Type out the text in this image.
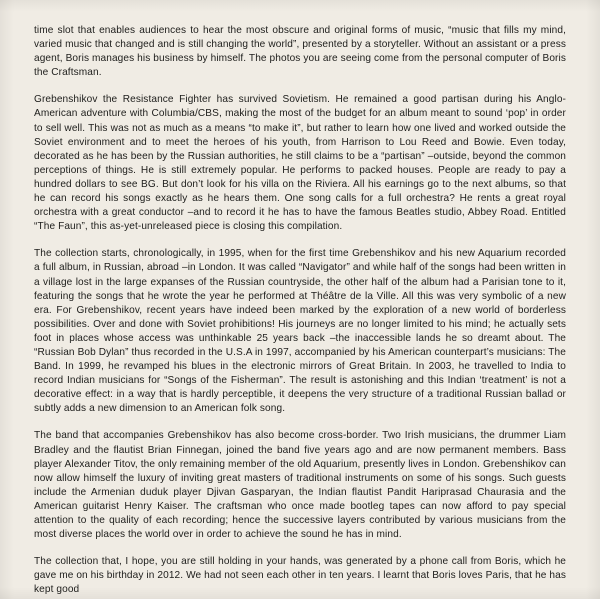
time slot that enables audiences to hear the most obscure and original forms of music, “music that fills my mind, varied music that changed and is still changing the world”, presented by a storyteller. Without an assistant or a press agent, Boris manages his business by himself. The photos you are seeing come from the personal computer of Boris the Craftsman.

Grebenshikov the Resistance Fighter has survived Sovietism. He remained a good partisan during his Anglo-American adventure with Columbia/CBS, making the most of the budget for an album meant to sound ‘pop’ in order to sell well. This was not as much as a means “to make it”, but rather to learn how one lived and worked outside the Soviet environment and to meet the heroes of his youth, from Harrison to Lou Reed and Bowie. Even today, decorated as he has been by the Russian authorities, he still claims to be a “partisan” –outside, beyond the common perceptions of things. He is still extremely popular. He performs to packed houses. People are ready to pay a hundred dollars to see BG. But don’t look for his villa on the Riviera. All his earnings go to the next albums, so that he can record his songs exactly as he hears them. One song calls for a full orchestra? He rents a great royal orchestra with a great conductor –and to record it he has to have the famous Beatles studio, Abbey Road. Entitled “The Faun”, this as-yet-unreleased piece is closing this compilation.

The collection starts, chronologically, in 1995, when for the first time Grebenshikov and his new Aquarium recorded a full album, in Russian, abroad –in London. It was called “Navigator” and while half of the songs had been written in a village lost in the large expanses of the Russian countryside, the other half of the album had a Parisian tone to it, featuring the songs that he wrote the year he performed at Théâtre de la Ville. All this was very symbolic of a new era. For Grebenshikov, recent years have indeed been marked by the exploration of a new world of borderless possibilities. Over and done with Soviet prohibitions! His journeys are no longer limited to his mind; he actually sets foot in places whose access was unthinkable 25 years back –the inaccessible lands he so dreamt about. The “Russian Bob Dylan” thus recorded in the U.S.A in 1997, accompanied by his American counterpart’s musicians: The Band. In 1999, he revamped his blues in the electronic mirrors of Great Britain. In 2003, he travelled to India to record Indian musicians for “Songs of the Fisherman”. The result is astonishing and this Indian ‘treatment’ is not a decorative effect: in a way that is hardly perceptible, it deepens the very structure of a traditional Russian ballad or subtly adds a new dimension to an American folk song.

The band that accompanies Grebenshikov has also become cross-border. Two Irish musicians, the drummer Liam Bradley and the flautist Brian Finnegan, joined the band five years ago and are now permanent members. Bass player Alexander Titov, the only remaining member of the old Aquarium, presently lives in London. Grebenshikov can now allow himself the luxury of inviting great masters of traditional instruments on some of his songs. Such guests include the Armenian duduk player Djivan Gasparyan, the Indian flautist Pandit Hariprasad Chaurasia and the American guitarist Henry Kaiser. The craftsman who once made bootleg tapes can now afford to pay special attention to the quality of each recording; hence the successive layers contributed by various musicians from the most diverse places the world over in order to achieve the sound he has in mind.

The collection that, I hope, you are still holding in your hands, was generated by a phone call from Boris, which he gave me on his birthday in 2012. We had not seen each other in ten years. I learnt that Boris loves Paris, that he has kept good
